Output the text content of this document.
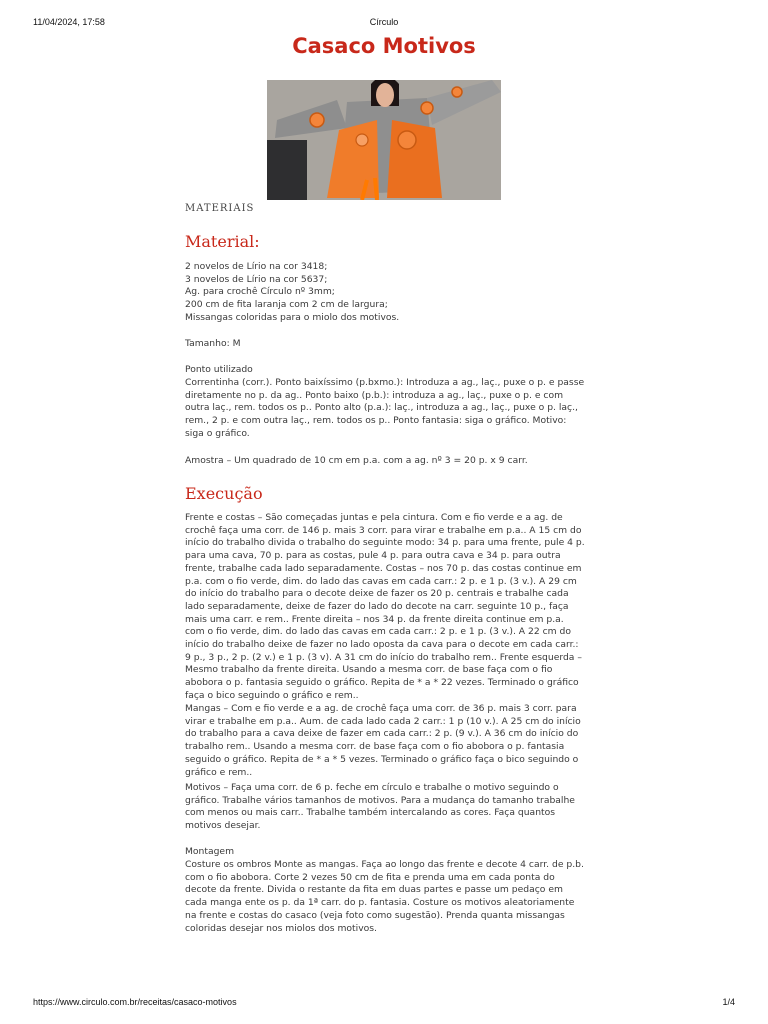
11/04/2024, 17:58	Círculo
Casaco Motivos
MATERIAIS
Material:

2 novelos de Lírio na cor 3418;
3 novelos de Lírio na cor 5637;
Ag. para crochê Círculo nº 3mm;
200 cm de fita laranja com 2 cm de largura;
Missangas coloridas para o miolo dos motivos.

Tamanho: M

Ponto utilizado

Correntinha (corr.). Ponto baixíssimo (p.bxmo.): Introduza a ag., laç., puxe o p. e passe diretamente no p. da ag.. Ponto baixo (p.b.): introduza a ag., laç., puxe o p. e com outra laç., rem. todos os p.. Ponto alto (p.a.): laç., introduza a ag., laç., puxe o p. laç., rem., 2 p. e com outra laç., rem. todos os p.. Ponto fantasia: siga o gráfico. Motivo: siga o gráfico.

Amostra – Um quadrado de 10 cm em p.a. com a ag. nº 3 = 20 p. x 9 carr.

Execução

Frente e costas – São começadas juntas e pela cintura. Com e fio verde e a ag. de crochê faça uma corr. de 146 p. mais 3 corr. para virar e trabalhe em p.a.. A 15 cm do início do trabalho divida o trabalho do seguinte modo: 34 p. para uma frente, pule 4 p. para uma cava, 70 p. para as costas, pule 4 p. para outra cava e 34 p. para outra frente, trabalhe cada lado separadamente. Costas – nos 70 p. das costas continue em p.a. com o fio verde, dim. do lado das cavas em cada carr.: 2 p. e 1 p. (3 v.). A 29 cm do início do trabalho para o decote deixe de fazer os 20 p. centrais e trabalhe cada lado separadamente, deixe de fazer do lado do decote na carr. seguinte 10 p., faça mais uma carr. e rem.. Frente direita – nos 34 p. da frente direita continue em p.a. com o fio verde, dim. do lado das cavas em cada carr.: 2 p. e 1 p. (3 v.). A 22 cm do início do trabalho deixe de fazer no lado oposta da cava para o decote em cada carr.: 9 p., 3 p., 2 p. (2 v.) e 1 p. (3 v). A 31 cm do início do trabalho rem.. Frente esquerda – Mesmo trabalho da frente direita. Usando a mesma corr. de base faça com o fio abobora o p. fantasia seguido o gráfico. Repita de * a * 22 vezes. Terminado o gráfico faça o bico seguindo o gráfico e rem..

Mangas – Com e fio verde e a ag. de crochê faça uma corr. de 36 p. mais 3 corr. para virar e trabalhe em p.a.. Aum. de cada lado cada 2 carr.: 1 p (10 v.). A 25 cm do início do trabalho para a cava deixe de fazer em cada carr.: 2 p. (9 v.). A 36 cm do início do trabalho rem.. Usando a mesma corr. de base faça com o fio abobora o p. fantasia seguido o gráfico. Repita de * a * 5 vezes. Terminado o gráfico faça o bico seguindo o gráfico e rem..

Motivos – Faça uma corr. de 6 p. feche em círculo e trabalhe o motivo seguindo o gráfico. Trabalhe vários tamanhos de motivos. Para a mudança do tamanho trabalhe com menos ou mais carr.. Trabalhe também intercalando as cores. Faça quantos motivos desejar.

Montagem

Costure os ombros Monte as mangas. Faça ao longo das frente e decote 4 carr. de p.b. com o fio abobora. Corte 2 vezes 50 cm de fita e prenda uma em cada ponta do decote da frente. Divida o restante da fita em duas partes e passe um pedaço em cada manga ente os p. da 1ª carr. do p. fantasia. Costure os motivos aleatoriamente na frente e costas do casaco (veja foto como sugestão). Prenda quanta missangas coloridas desejar nos miolos dos motivos.

https://www.circulo.com.br/receitas/casaco-motivos	1/4
